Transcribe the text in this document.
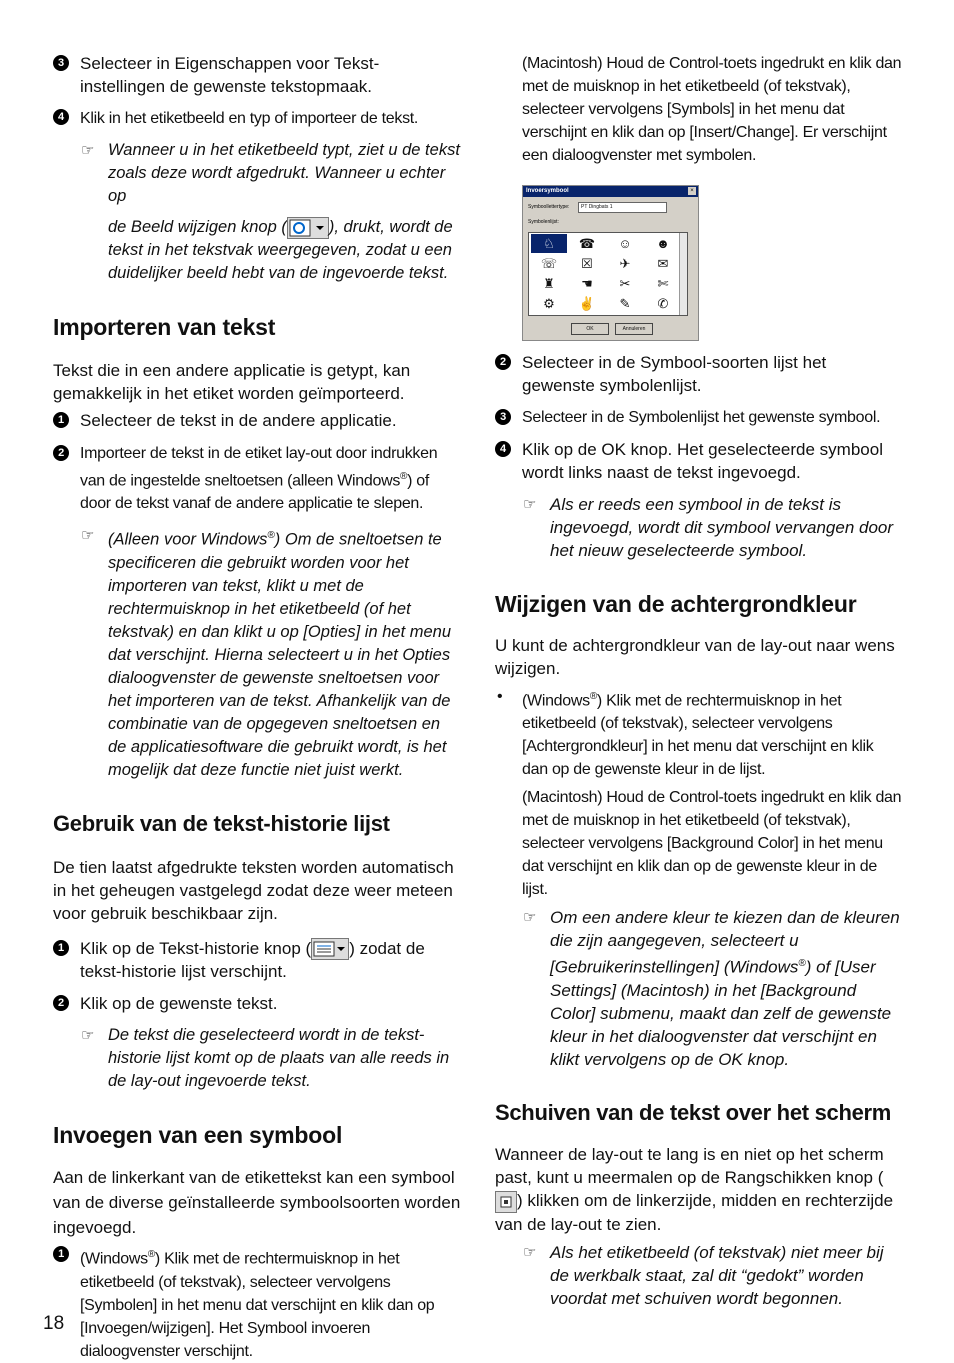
3 Selecteer in Eigenschappen voor Tekst-instellingen de gewenste tekstopmaak.

4 Klik in het etiketbeeld en typ of importeer de tekst.

☞ Wanneer u in het etiketbeeld typt, ziet u de tekst zoals deze wordt afgedrukt. Wanneer u echter op

de Beeld wijzigen knop (	), drukt, wordt de tekst in het tekstvak weergegeven, zodat u een duidelijker beeld hebt van de ingevoerde tekst.

Importeren van tekst

Tekst die in een andere applicatie is getypt, kan gemakkelijk in het etiket worden geïmporteerd.

1 Selecteer de tekst in de andere applicatie.

2	Importeer de tekst in de etiket lay-out door indrukken van de ingestelde sneltoetsen (alleen Windows®) of door de tekst vanaf de andere applicatie te slepen.

☞ (Alleen voor Windows®) Om de sneltoetsen te specificeren die gebruikt worden voor het importeren van tekst, klikt u met de rechtermuisknop in het etiketbeeld (of het tekstvak) en dan klikt u op [Opties] in het menu dat verschijnt. Hierna selecteert u in het Opties dialoogvenster de gewenste sneltoetsen voor het importeren van de tekst. Afhankelijk van de combinatie van de opgegeven sneltoetsen en de applicatiesoftware die gebruikt wordt, is het mogelijk dat deze functie niet juist werkt.

Gebruik van de tekst-historie lijst

De tien laatst afgedrukte teksten worden automatisch in het geheugen vastgelegd zodat deze weer meteen voor gebruik beschikbaar zijn.

1 Klik op de Tekst-historie knop ( ) zodat de tekst-historie lijst verschijnt.

2 Klik op de gewenste tekst.

☞ De tekst die geselecteerd wordt in de tekst-historie lijst komt op de plaats van alle reeds in de lay-out ingevoerde tekst.

Invoegen van een symbool

Aan de linkerkant van de etikettekst kan een symbool van de diverse geïnstalleerde symboolsoorten worden ingevoegd.

1	(Windows®) Klik met de rechtermuisknop in het etiketbeeld (of tekstvak), selecteer vervolgens [Symbolen] in het menu dat verschijnt en klik dan op [Invoegen/wijzigen]. Het Symbool invoeren dialoogvenster verschijnt.

(Macintosh) Houd de Control-toets ingedrukt en klik dan met de muisknop in het etiketbeeld (of tekstvak), selecteer vervolgens [Symbols] in het menu dat verschijnt en klik dan op [Insert/Change]. Er verschijnt een dialoogvenster met symbolen.

Invoersymbool	×
Symboollettertype:	PT Dingbats 1
Symbolenlijst:
♘	☎	☺	☻
☏	☒	✈	✉
♜	☚	✂	✄
⚙	✌	✎	✆
OK	Annuleren

2 Selecteer in de Symbool-soorten lijst het gewenste symbolenlijst.

3	Selecteer in de Symbolenlijst het gewenste symbool.

4 Klik op de OK knop. Het geselecteerde symbool wordt links naast de tekst ingevoegd.

☞ Als er reeds een symbool in de tekst is ingevoegd, wordt dit symbool vervangen door het nieuw geselecteerde symbool.

Wijzigen van de achtergrondkleur

U kunt de achtergrondkleur van de lay-out naar wens wijzigen.

• (Windows®) Klik met de rechtermuisknop in het etiketbeeld (of tekstvak), selecteer vervolgens [Achtergrondkleur] in het menu dat verschijnt en klik dan op de gewenste kleur in de lijst.

(Macintosh) Houd de Control-toets ingedrukt en klik dan met de muisknop in het etiketbeeld (of tekstvak), selecteer vervolgens [Background Color] in het menu dat verschijnt en klik dan op de gewenste kleur in de lijst.

☞ Om een andere kleur te kiezen dan de kleuren die zijn aangegeven, selecteert u [Gebruikerinstellingen] (Windows®) of [User Settings] (Macintosh) in het [Background Color] submenu, maakt dan zelf de gewenste kleur in het dialoogvenster dat verschijnt en klikt vervolgens op de OK knop.

Schuiven van de tekst over het scherm

Wanneer de lay-out te lang is en niet op het scherm past, kunt u meermalen op de Rangschikken knop () klikken om de linkerzijde, midden en rechterzijde van de lay-out te zien.

☞ Als het etiketbeeld (of tekstvak) niet meer bij de werkbalk staat, zal dit “gedokt” worden voordat met schuiven wordt begonnen.

18
